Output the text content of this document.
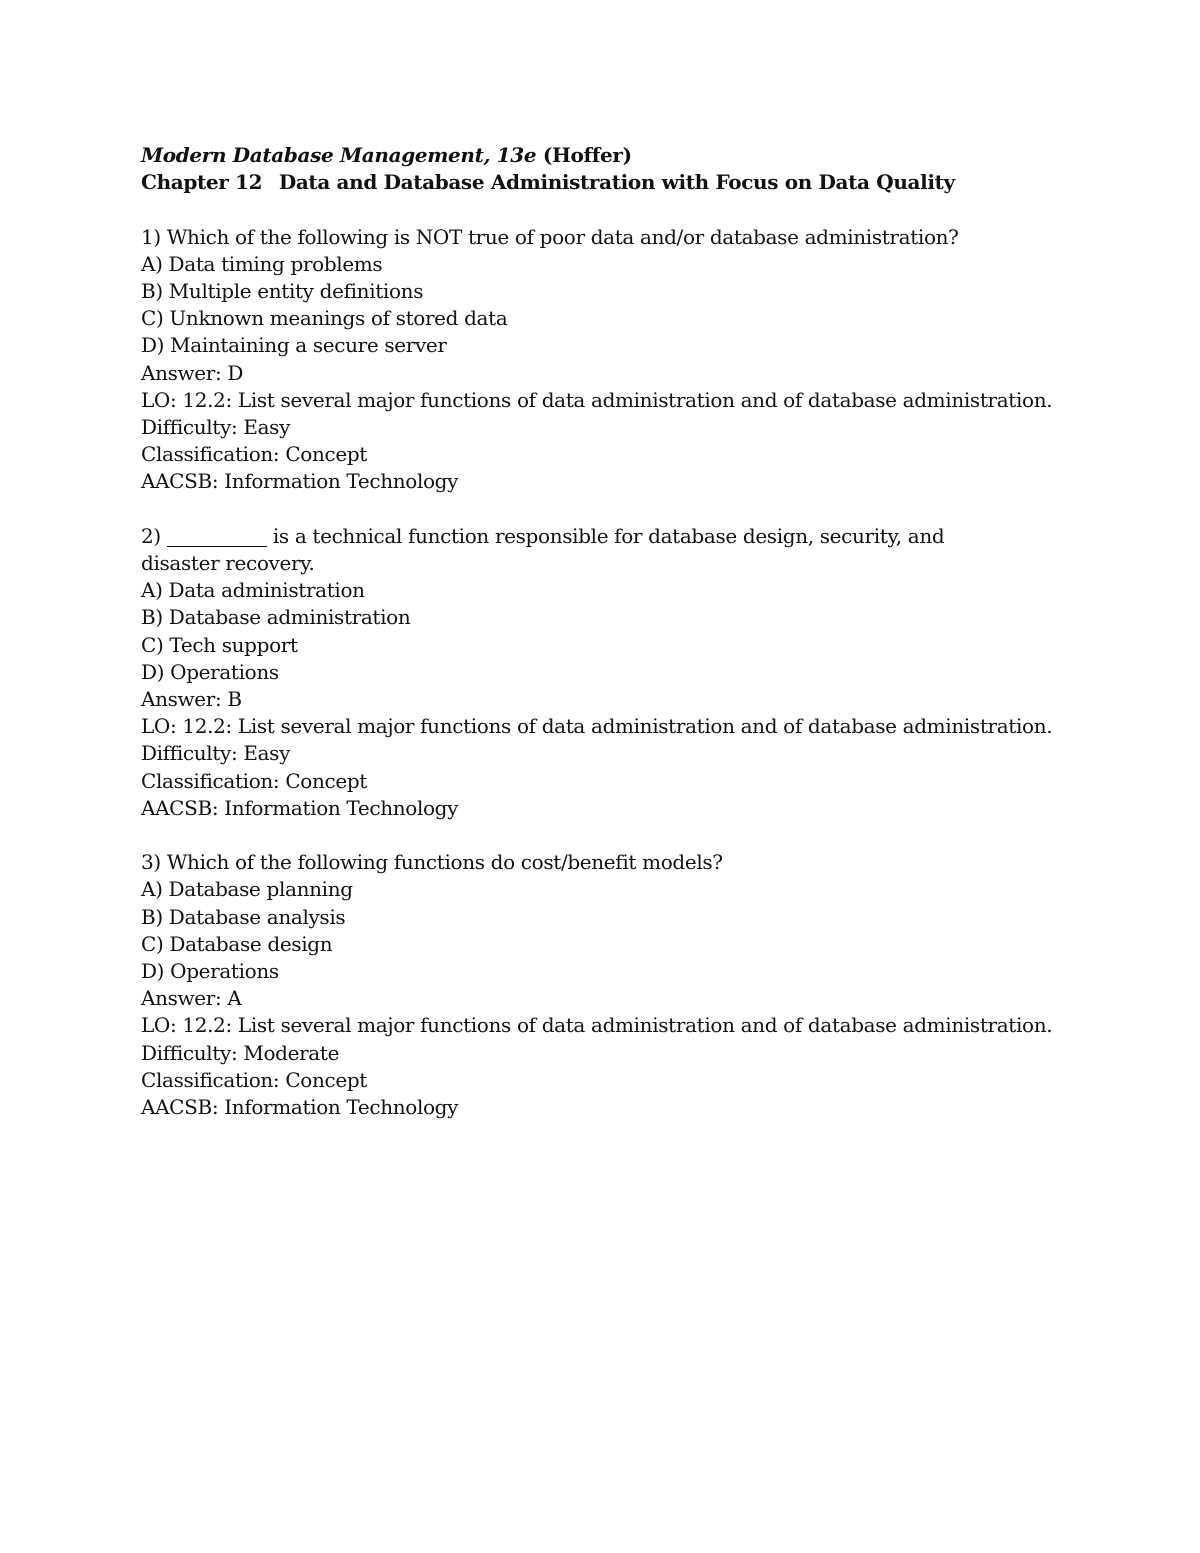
Modern Database Management, 13e (Hoffer)
Chapter 12 Data and Database Administration with Focus on Data Quality
1) Which of the following is NOT true of poor data and/or database administration?
A) Data timing problems
B) Multiple entity definitions
C) Unknown meanings of stored data
D) Maintaining a secure server
Answer: D
LO: 12.2: List several major functions of data administration and of database administration.
Difficulty: Easy
Classification: Concept
AACSB: Information Technology
2)	is a technical function responsible for database design, security, and disaster recovery.
A) Data administration
B) Database administration
C) Tech support
D) Operations
Answer: B
LO: 12.2: List several major functions of data administration and of database administration.
Difficulty: Easy
Classification: Concept
AACSB: Information Technology
3) Which of the following functions do cost/benefit models?
A) Database planning
B) Database analysis
C) Database design
D) Operations
Answer: A
LO: 12.2: List several major functions of data administration and of database administration.
Difficulty: Moderate
Classification: Concept
AACSB: Information Technology
